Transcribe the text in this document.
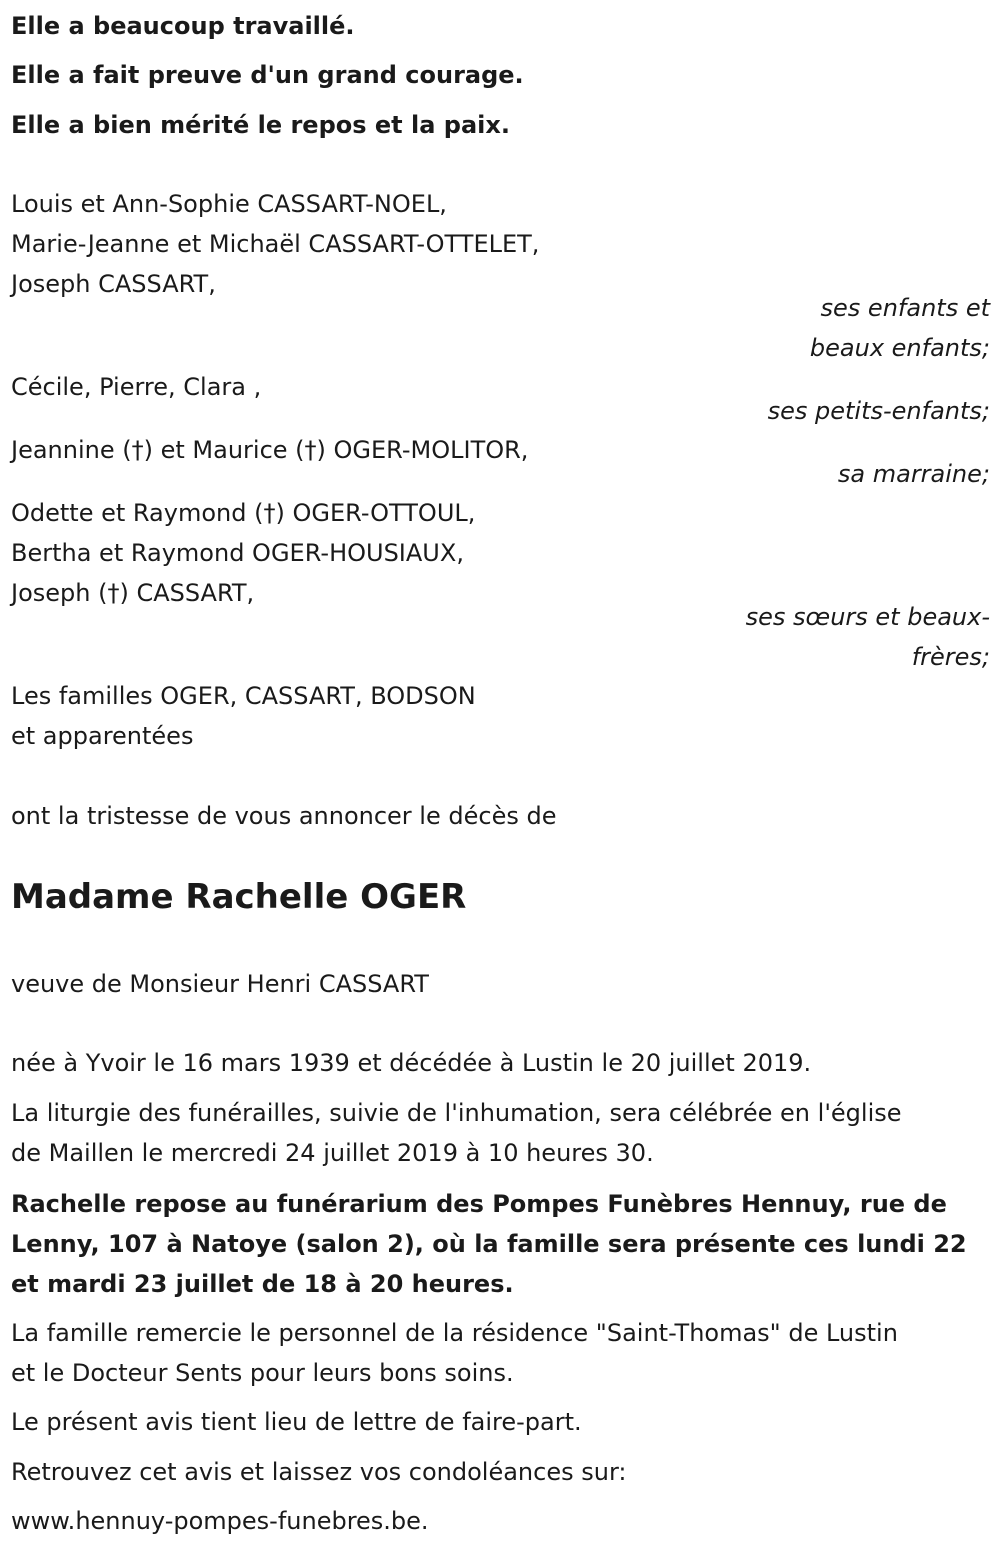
Elle a beaucoup travaillé.
Elle a fait preuve d'un grand courage.
Elle a bien mérité le repos et la paix.
Louis et Ann-Sophie CASSART-NOEL,
Marie-Jeanne et Michaël CASSART-OTTELET,
Joseph CASSART,
ses enfants et
beaux enfants;
Cécile, Pierre, Clara ,
ses petits-enfants;
Jeannine (†) et Maurice (†) OGER-MOLITOR,
sa marraine;
Odette et Raymond (†) OGER-OTTOUL,
Bertha et Raymond OGER-HOUSIAUX,
Joseph (†) CASSART,
ses sœurs et beaux-
frères;
Les familles OGER, CASSART, BODSON
et apparentées
ont la tristesse de vous annoncer le décès de
Madame Rachelle OGER
veuve de Monsieur Henri CASSART
née à Yvoir le 16 mars 1939 et décédée à Lustin le 20 juillet 2019.
La liturgie des funérailles, suivie de l'inhumation, sera célébrée en l'église
de Maillen le mercredi 24 juillet 2019 à 10 heures 30.
Rachelle repose au funérarium des Pompes Funèbres Hennuy, rue de
Lenny, 107 à Natoye (salon 2), où la famille sera présente ces lundi 22
et mardi 23 juillet de 18 à 20 heures.
La famille remercie le personnel de la résidence "Saint-Thomas" de Lustin
et le Docteur Sents pour leurs bons soins.
Le présent avis tient lieu de lettre de faire-part.
Retrouvez cet avis et laissez vos condoléances sur:
www.hennuy-pompes-funebres.be.
